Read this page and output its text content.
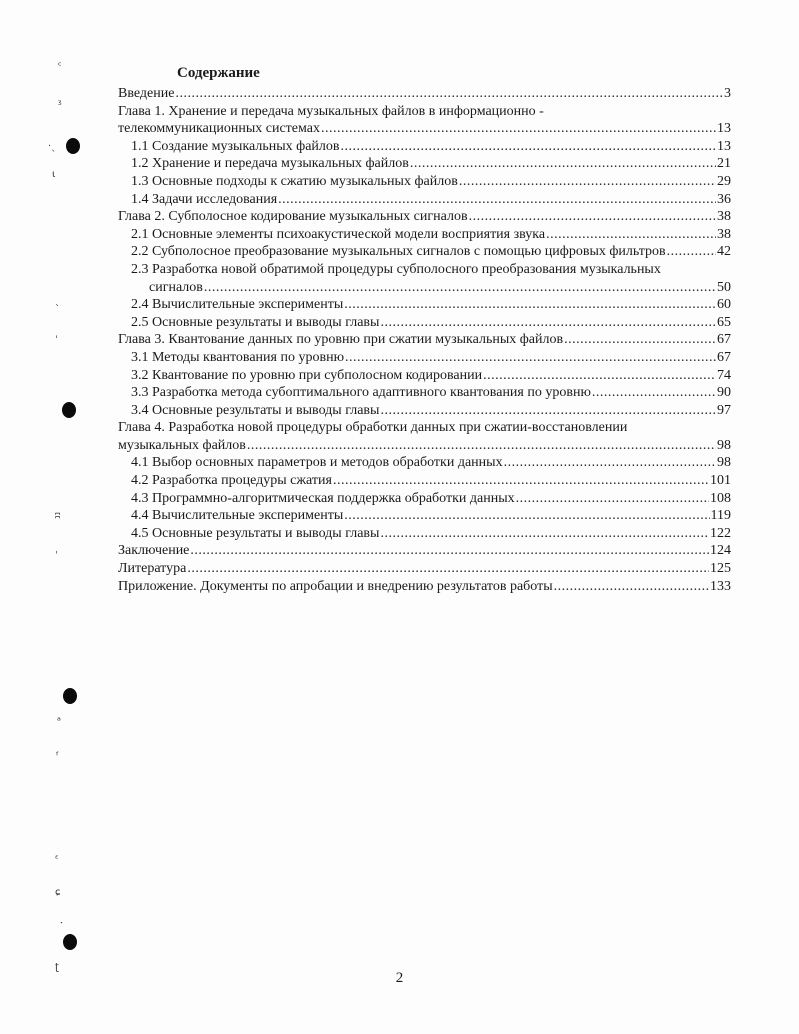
Содержание
Введение .....	3
Глава 1. Хранение и передача музыкальных файлов в информационно -
телекоммуникационных системах .....	13
1.1 Создание музыкальных файлов .....	13
1.2 Хранение и передача музыкальных файлов .....	21
1.3 Основные подходы к сжатию музыкальных файлов .....	29
1.4 Задачи исследования .....	36
Глава 2. Субполосное кодирование музыкальных сигналов .....	38
2.1 Основные элементы психоакустической модели восприятия звука .....	38
2.2 Субполосное преобразование музыкальных сигналов с помощью цифровых фильтров .....	42
2.3 Разработка новой обратимой процедуры субполосного преобразования музыкальных
сигналов .....	50
2.4 Вычислительные эксперименты .....	60
2.5 Основные результаты и выводы главы .....	65
Глава 3. Квантование данных по уровню при сжатии музыкальных файлов .....	67
3.1 Методы квантования по уровню .....	67
3.2 Квантование по уровню при субполосном кодировании .....	74
3.3 Разработка метода субоптимального адаптивного квантования по уровню .....	90
3.4 Основные результаты и выводы главы .....	97
Глава 4. Разработка новой процедуры обработки данных при сжатии-восстановлении
музыкальных файлов .....	98
4.1 Выбор основных параметров и методов обработки данных .....	98
4.2 Разработка процедуры сжатия .....	101
4.3 Программно-алгоритмическая поддержка обработки данных .....	108
4.4 Вычислительные эксперименты .....	119
4.5 Основные результаты и выводы главы .....	122
Заключение .....	124
Литература .....	125
Приложение. Документы по апробации и внедрению результатов работы .....	133

2

ᶜ
ᶾ
·ˎ
ɩ
ˋ
ˈ
ʭ
ˌ
ᵃ
ᶠ
ᵋ
ɕ
ˑ
ʈ
